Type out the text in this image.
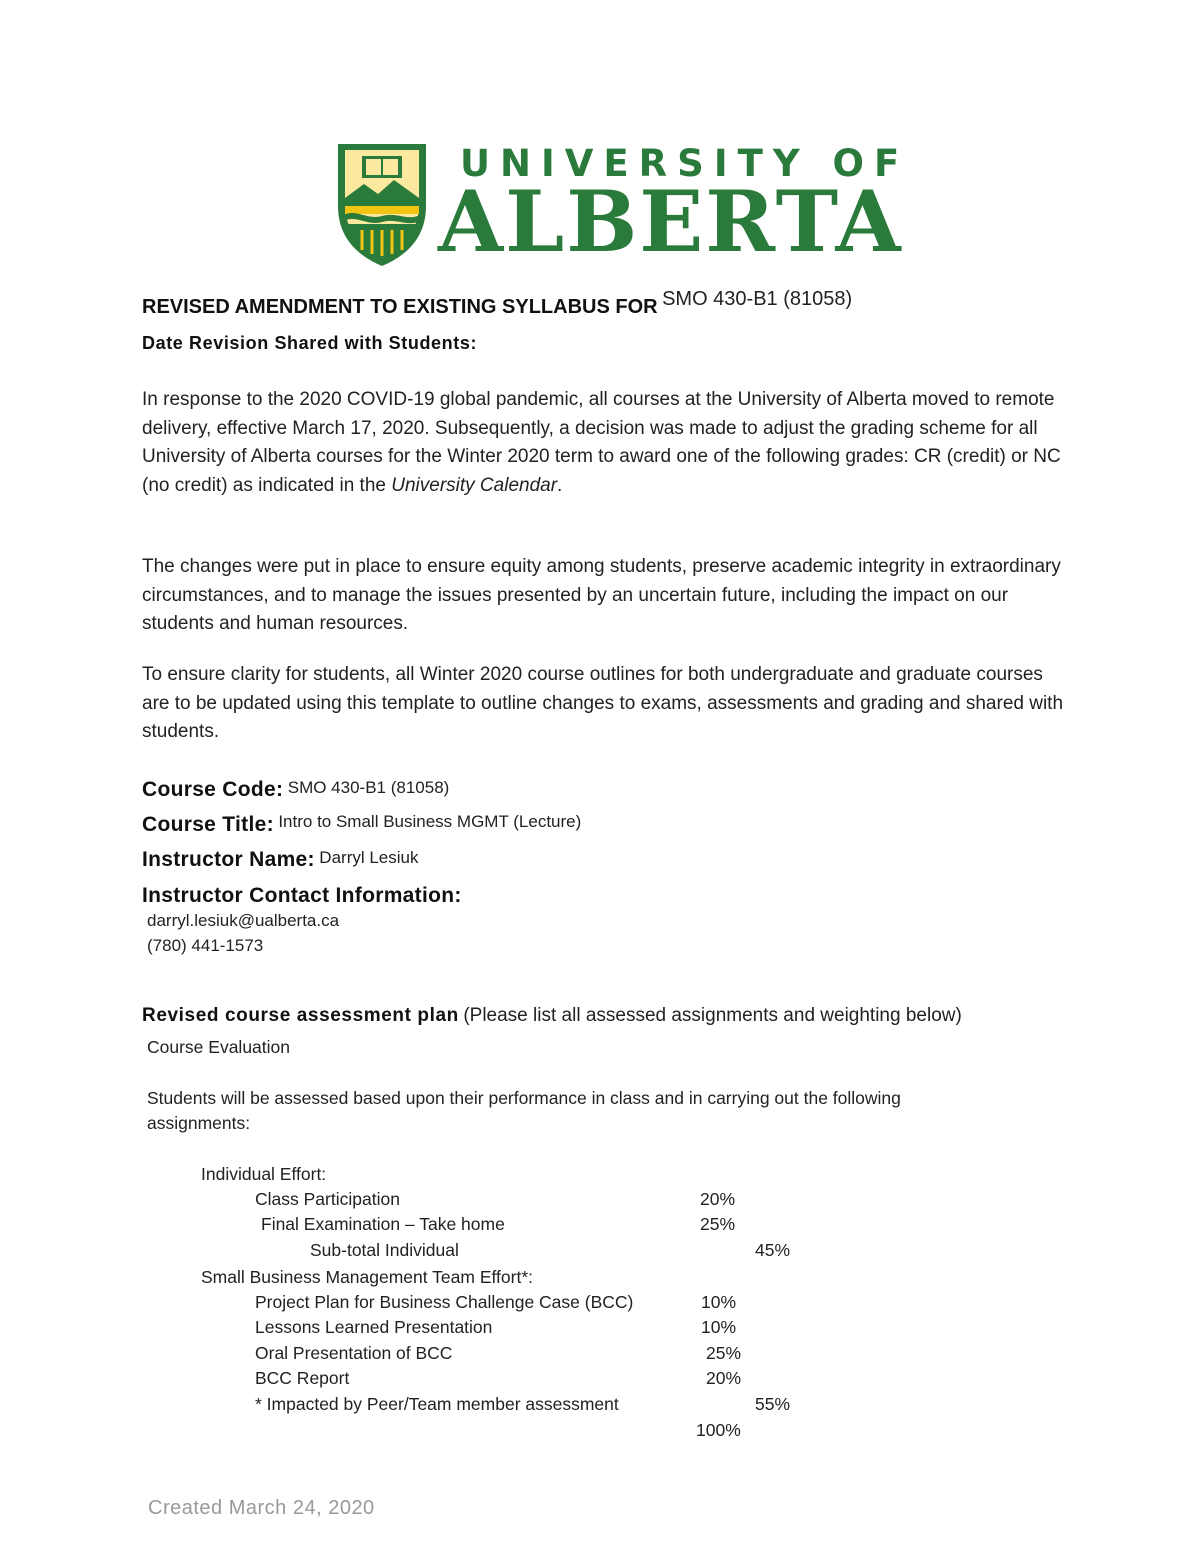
UNIVERSITY OF
ALBERTA
REVISED AMENDMENT TO EXISTING SYLLABUS FOR SMO 430-B1 (81058)
Date Revision Shared with Students:

In response to the 2020 COVID-19 global pandemic, all courses at the University of Alberta moved to remote delivery, effective March 17, 2020. Subsequently, a decision was made to adjust the grading scheme for all University of Alberta courses for the Winter 2020 term to award one of the following grades: CR (credit) or NC (no credit) as indicated in the University Calendar.

The changes were put in place to ensure equity among students, preserve academic integrity in extraordinary circumstances, and to manage the issues presented by an uncertain future, including the impact on our students and human resources.

To ensure clarity for students, all Winter 2020 course outlines for both undergraduate and graduate courses are to be updated using this template to outline changes to exams, assessments and grading and shared with students.

Course Code: SMO 430-B1 (81058)
Course Title: Intro to Small Business MGMT (Lecture)
Instructor Name: Darryl Lesiuk
Instructor Contact Information:
darryl.lesiuk@ualberta.ca
(780) 441-1573
Revised course assessment plan (Please list all assessed assignments and weighting below)
Course Evaluation
Students will be assessed based upon their performance in class and in carrying out the following
assignments:
Individual Effort:
Class Participation	20%
Final Examination – Take home	25%
Sub-total Individual	45%
Small Business Management Team Effort*:
Project Plan for Business Challenge Case (BCC)	10%
Lessons Learned Presentation	10%
Oral Presentation of BCC	25%
BCC Report	20%
* Impacted by Peer/Team member assessment	55%
100%
Created March 24, 2020
